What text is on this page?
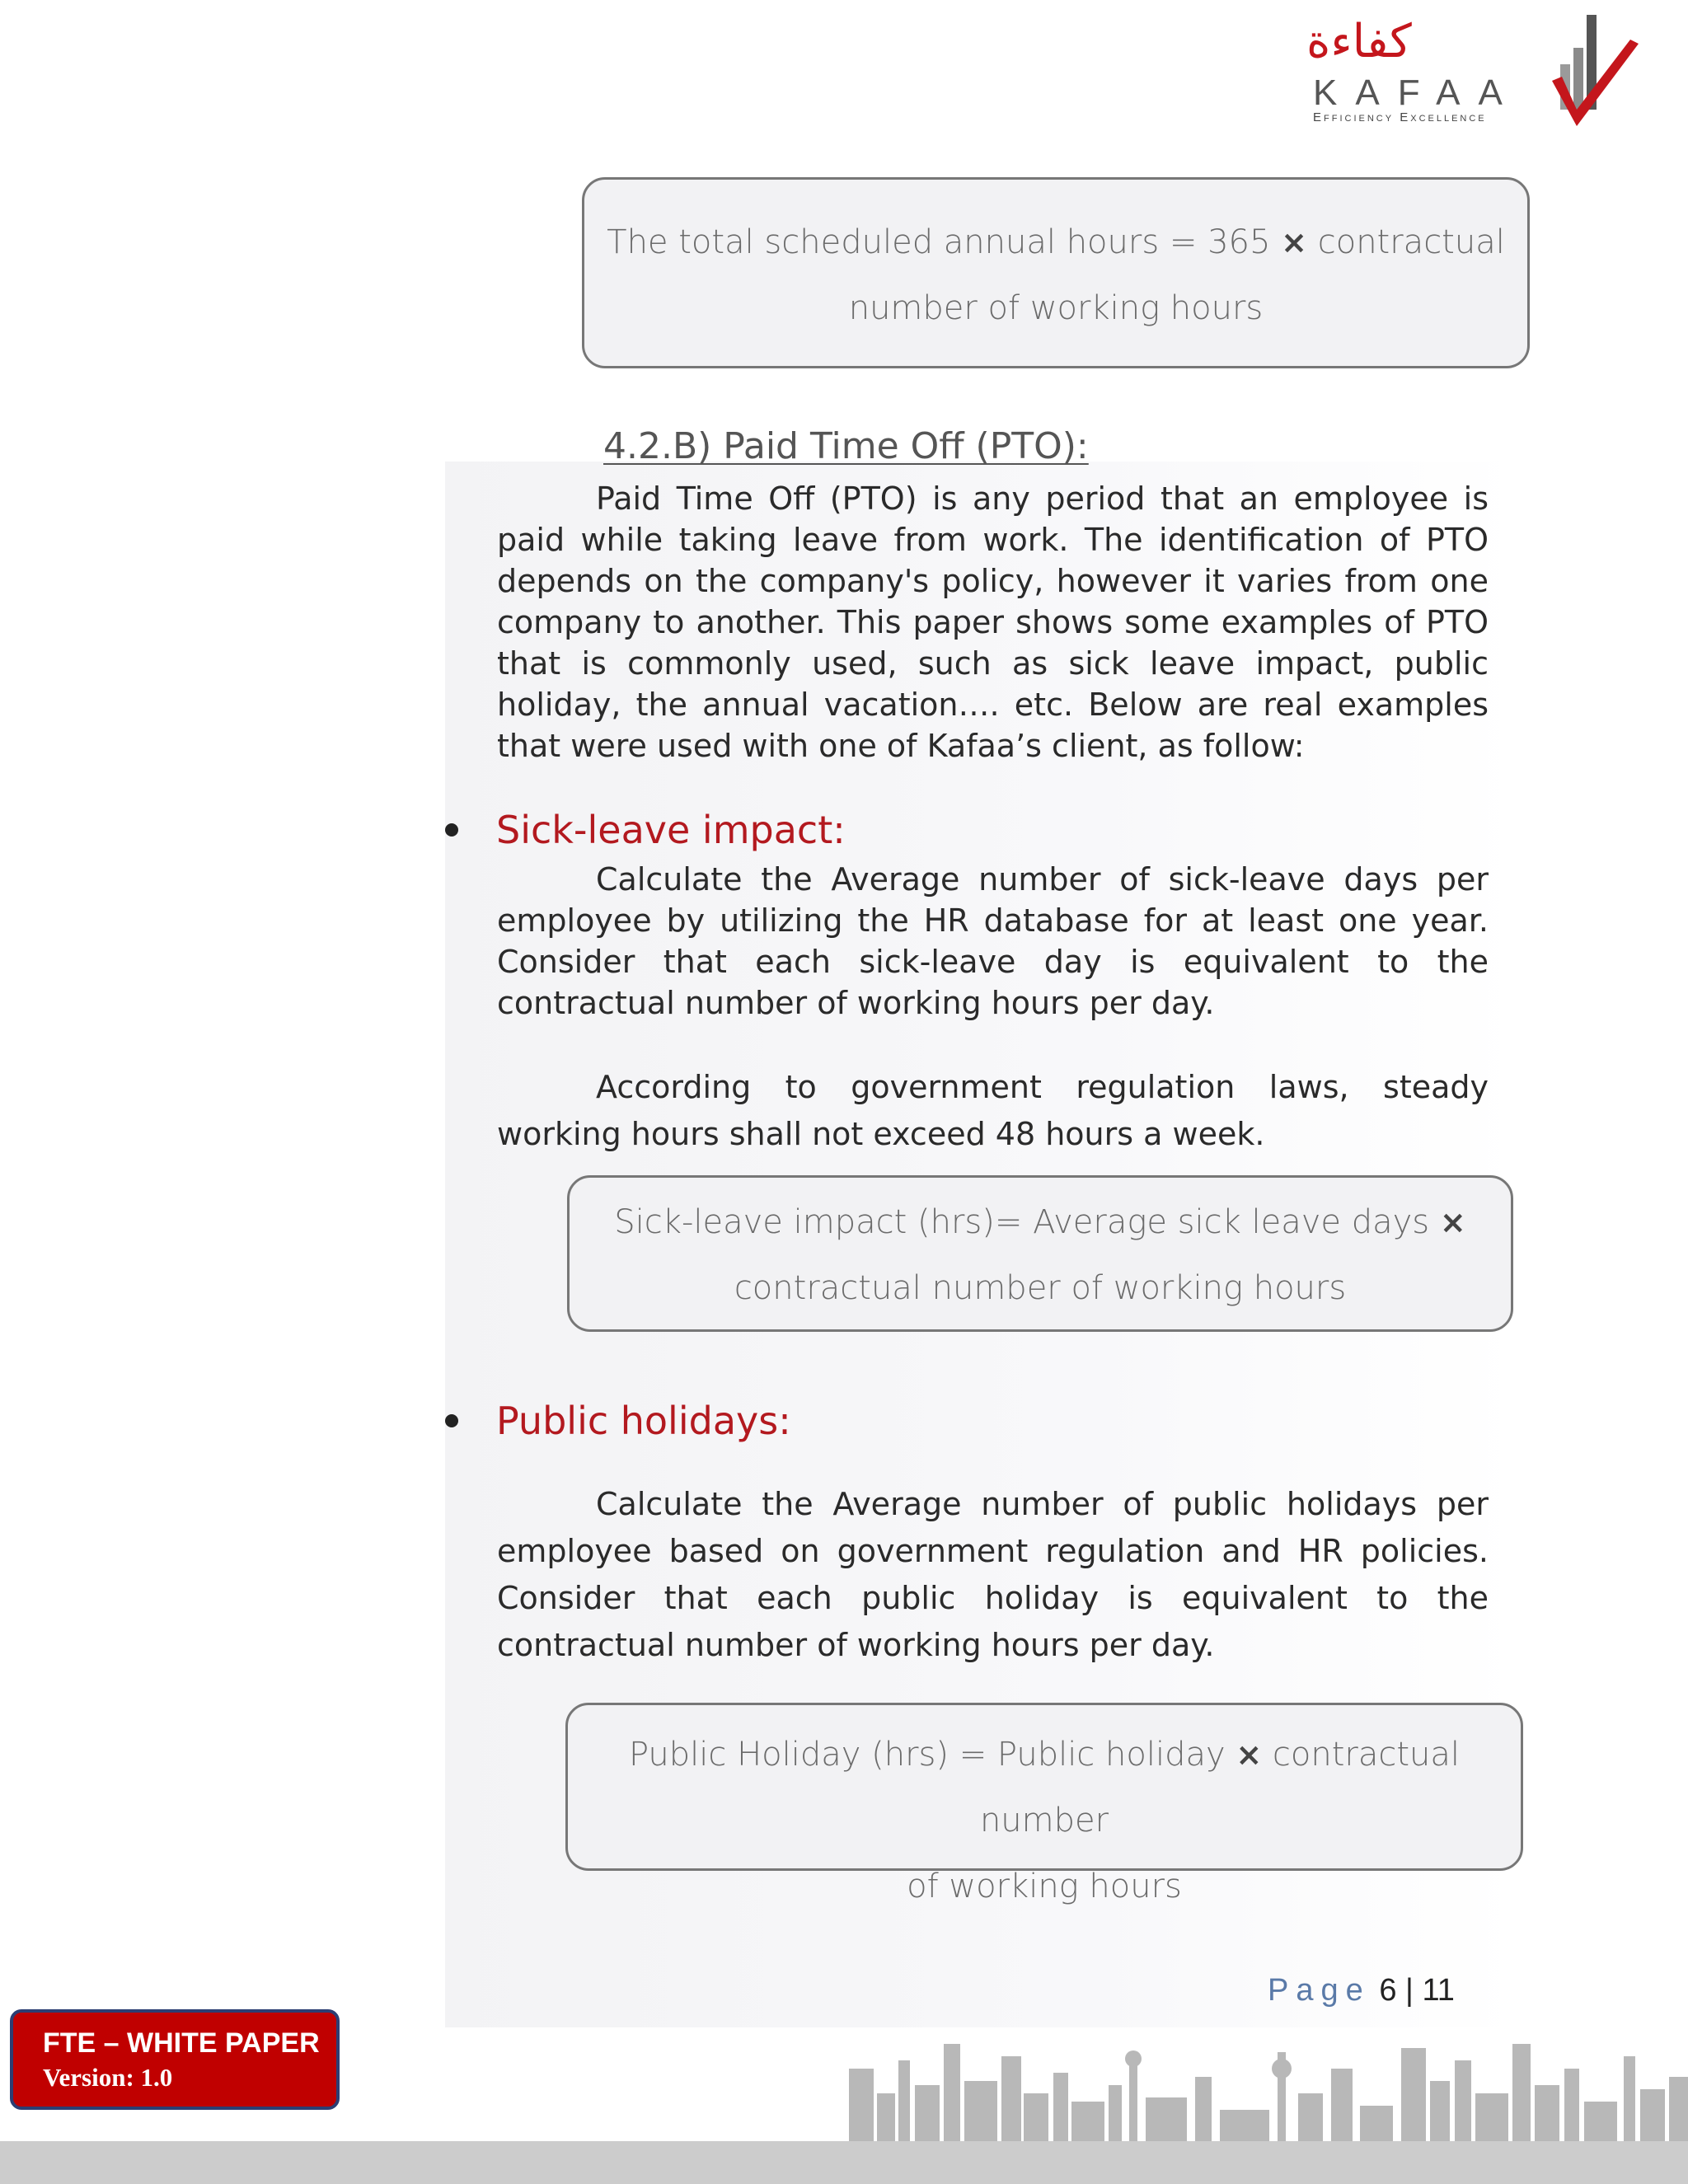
كفاءة
KAFAA
Efficiency Excellence
The total scheduled annual hours = 365 × contractual
number of working hours
4.2.B) Paid Time Off (PTO):
Paid Time Off (PTO) is any period that an employee is paid while taking leave from work. The identification of PTO depends on the company's policy, however it varies from one company to another. This paper shows some examples of PTO that is commonly used, such as sick leave impact, public holiday, the annual vacation…. etc. Below are real examples that were used with one of Kafaa’s client, as follow:
Sick-leave impact:
Calculate the Average number of sick-leave days per employee by utilizing the HR database for at least one year. Consider that each sick-leave day is equivalent to the contractual number of working hours per day.
According to government regulation laws, steady working hours shall not exceed 48 hours a week.
Sick-leave impact (hrs)= Average sick leave days ×
contractual number of working hours
Public holidays:
Calculate the Average number of public holidays per employee based on government regulation and HR policies. Consider that each public holiday is equivalent to the contractual number of working hours per day.
Public Holiday (hrs) = Public holiday × contractual number
of working hours
Page 6 | 11
FTE – WHITE PAPER
Version: 1.0
